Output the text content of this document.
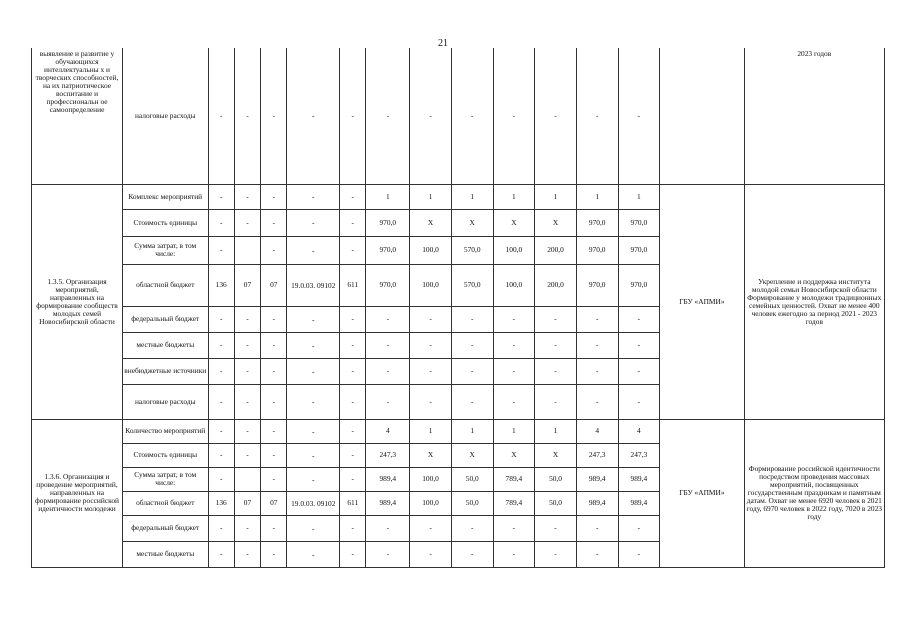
21
выявление и развитие у обучающихся интеллектуальны х и творческих способностей, на их патриотическое воспитание и профессиональн ое самоопределение	налоговые расходы	-	-	-	-	-	-	-	-	-	-	-	-		2023 годов
1.3.5. Организация мероприятий, направленных на формирование сообществ молодых семей Новосибирской области	Комплекс мероприятий	-	-	-	-	-	1	1	1	1	1	1	1	ГБУ «АПМИ»	Укрепление и поддержка института молодой семьи Новосибирской области Формирование у молодежи традиционных семейных ценностей. Охват не менее 400 человек ежегодно за период 2021 - 2023 годов
	Стоимость единицы	-	-	-	-	-	970,0	Х	Х	Х	Х	970,0	970,0		
	Сумма затрат, в том числе:	-		-	-	-	970,0	100,0	570,0	100,0	200,0	970,0	970,0		
	областной бюджет	136	07	07	19.0.03. 09102	611	970,0	100,0	570,0	100,0	200,0	970,0	970,0		
	федеральный бюджет	-	-	-	-	-	-	-	-	-	-	-	-		
	местные бюджеты	-	-	-	-	-	-	-	-	-	-	-	-		
	внебюджетные источники	-	-	-	-	-	-	-	-	-	-	-	-		
	налоговые расходы	-	-	-	-	-	-	-	-	-	-	-	-		
1.3.6. Организация и проведение мероприятий, направленных на формирование российской идентичности молодежи	Количество мероприятий	-	-	-	-	-	4	1	1	1	1	4	4	ГБУ «АПМИ»	Формирование российской идентичности посредством проведения массовых мероприятий, посвященных государственным праздникам и памятным датам. Охват не менее 6920 человек в 2021 году, 6970 человек в 2022 году, 7020 в 2023 году
	Стоимость единицы	-	-	-	-	-	247,3	Х	Х	Х	Х	247,3	247,3		
	Сумма затрат, в том числе:	-		-	-	-	989,4	100,0	50,0	789,4	50,0	989,4	989,4		
	областной бюджет	136	07	07	19.0.03. 09102	611	989,4	100,0	50,0	789,4	50,0	989,4	989,4		
	федеральный бюджет	-	-	-	-	-	-	-	-	-	-	-	-		
	местные бюджеты	-	-	-	-	-	-	-	-	-	-	-	-		
